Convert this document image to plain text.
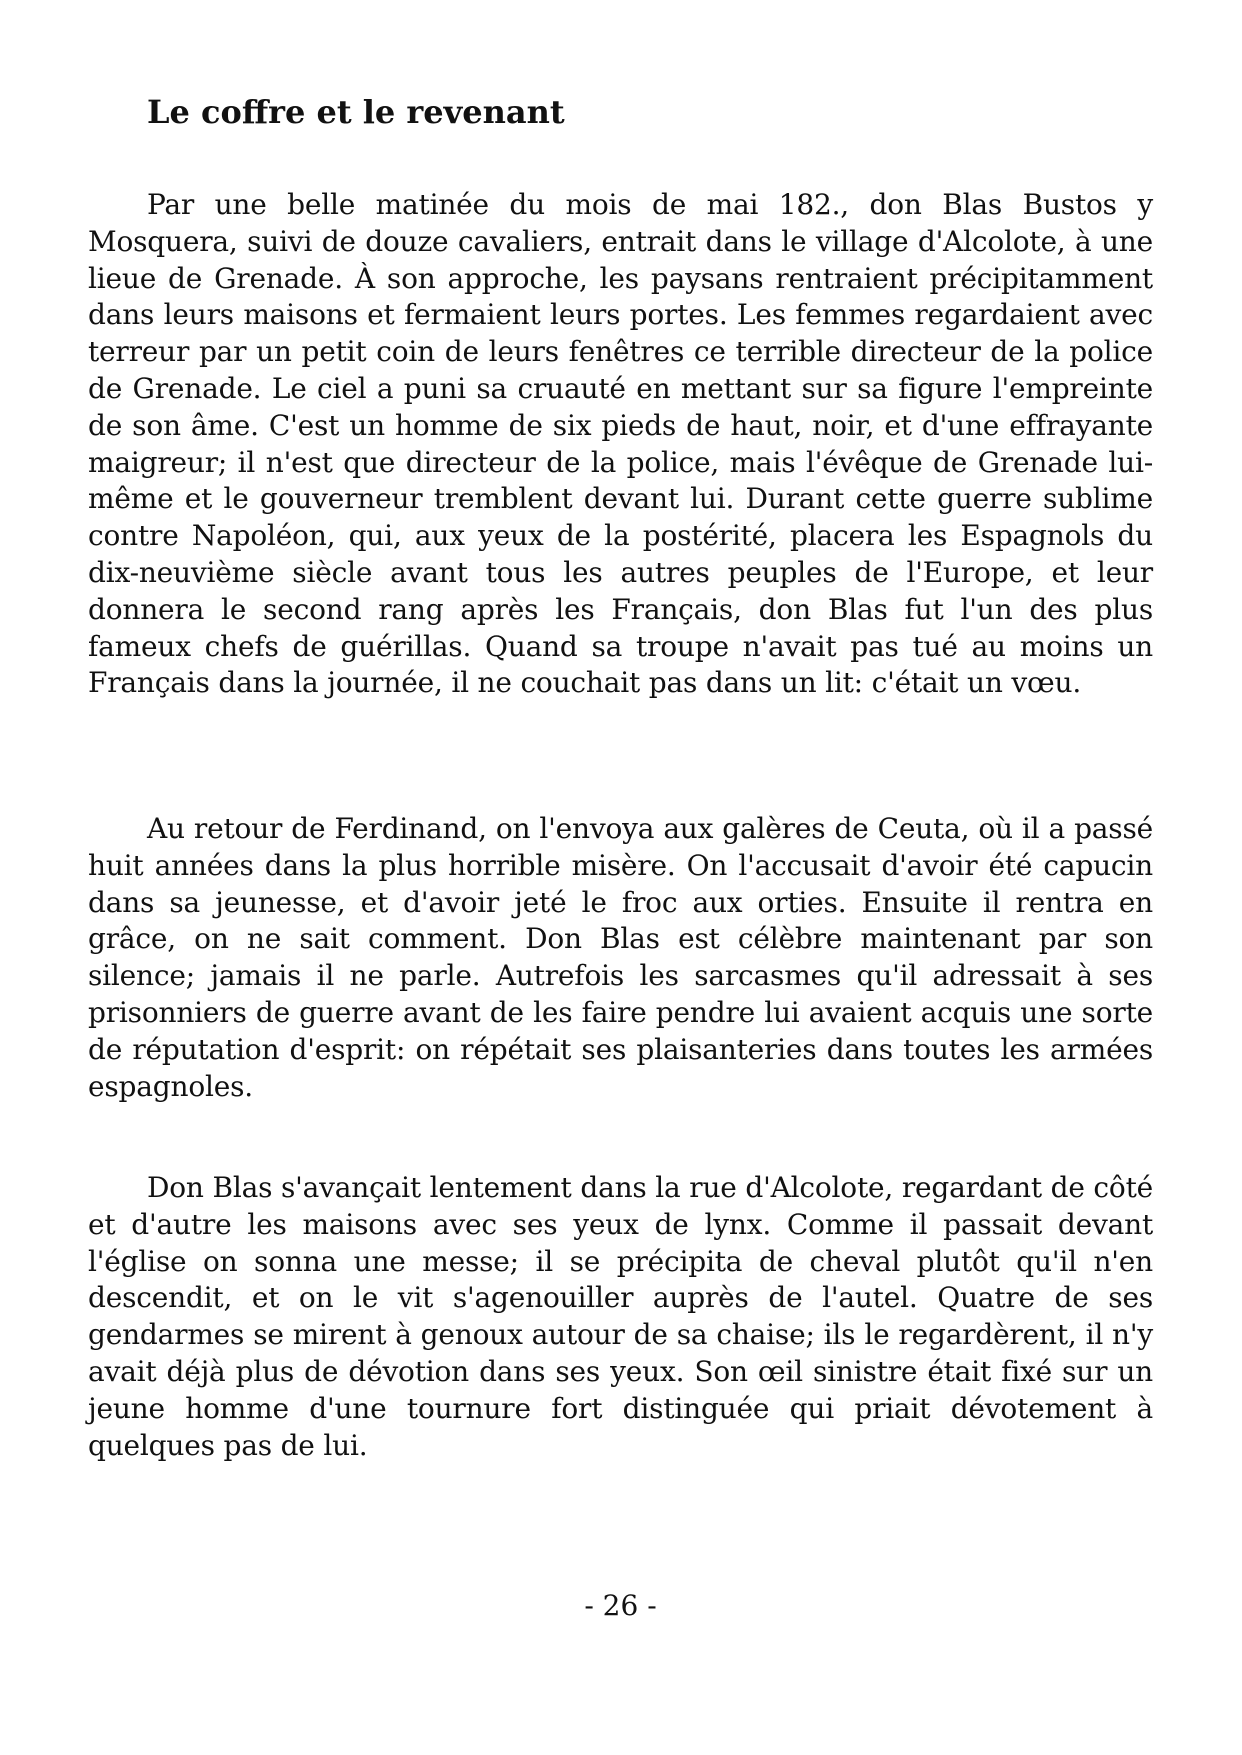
Le coffre et le revenant

Par une belle matinée du mois de mai 182., don Blas Bustos y Mosquera, suivi de douze cavaliers, entrait dans le village d'Alcolote, à une lieue de Grenade. À son approche, les paysans rentraient précipitamment dans leurs maisons et fermaient leurs portes. Les femmes regardaient avec terreur par un petit coin de leurs fenêtres ce terrible directeur de la police de Grenade. Le ciel a puni sa cruauté en mettant sur sa figure l'empreinte de son âme. C'est un homme de six pieds de haut, noir, et d'une effrayante maigreur; il n'est que directeur de la police, mais l'évêque de Grenade lui-même et le gouverneur tremblent devant lui. Durant cette guerre sublime contre Napoléon, qui, aux yeux de la postérité, placera les Espagnols du dix-neuvième siècle avant tous les autres peuples de l'Europe, et leur donnera le second rang après les Français, don Blas fut l'un des plus fameux chefs de guérillas. Quand sa troupe n'avait pas tué au moins un Français dans la journée, il ne couchait pas dans un lit: c'était un vœu.

Au retour de Ferdinand, on l'envoya aux galères de Ceuta, où il a passé huit années dans la plus horrible misère. On l'accusait d'avoir été capucin dans sa jeunesse, et d'avoir jeté le froc aux orties. Ensuite il rentra en grâce, on ne sait comment. Don Blas est célèbre maintenant par son silence; jamais il ne parle. Autrefois les sarcasmes qu'il adressait à ses prisonniers de guerre avant de les faire pendre lui avaient acquis une sorte de réputation d'esprit: on répétait ses plaisanteries dans toutes les armées espagnoles.

Don Blas s'avançait lentement dans la rue d'Alcolote, regardant de côté et d'autre les maisons avec ses yeux de lynx. Comme il passait devant l'église on sonna une messe; il se précipita de cheval plutôt qu'il n'en descendit, et on le vit s'agenouiller auprès de l'autel. Quatre de ses gendarmes se mirent à genoux autour de sa chaise; ils le regardèrent, il n'y avait déjà plus de dévotion dans ses yeux. Son œil sinistre était fixé sur un jeune homme d'une tournure fort distinguée qui priait dévotement à quelques pas de lui.

- 26 -
